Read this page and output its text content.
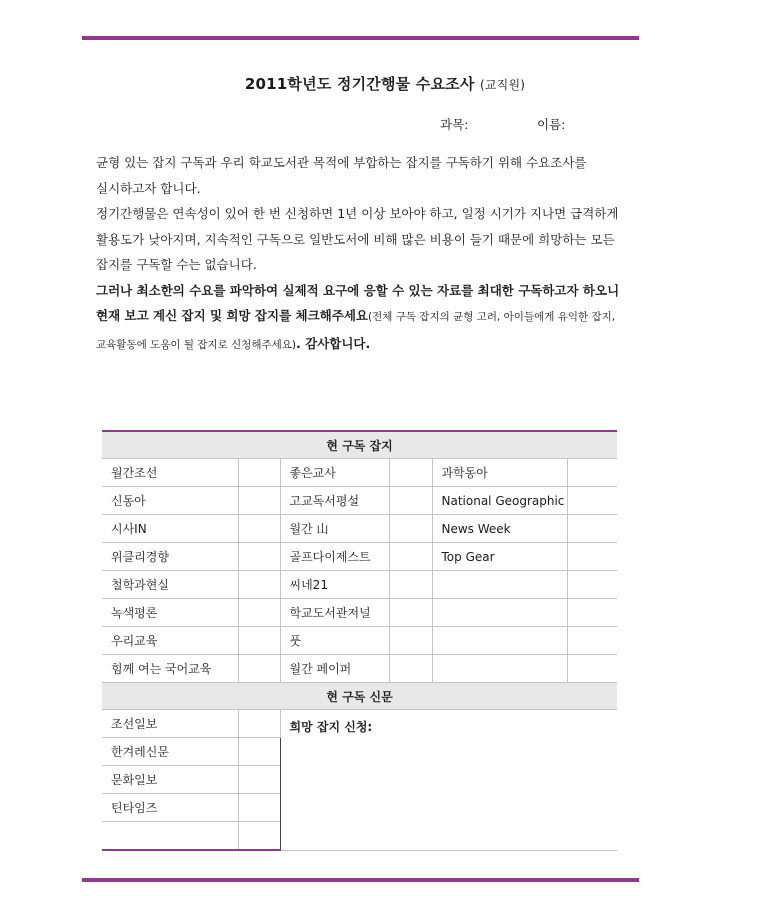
2011학년도 정기간행물 수요조사 (교직원)
과목:	이름:

균형 있는 잡지 구독과 우리 학교도서관 목적에 부합하는 잡지를 구독하기 위해 수요조사를 실시하고자 합니다.

정기간행물은 연속성이 있어 한 번 신청하면 1년 이상 보아야 하고, 일정 시기가 지나면 급격하게 활용도가 낮아지며, 지속적인 구독으로 일반도서에 비해 많은 비용이 들기 때문에 희망하는 모든 잡지를 구독할 수는 없습니다.

그러나 최소한의 수요를 파악하여 실제적 요구에 응할 수 있는 자료를 최대한 구독하고자 하오니 현재 보고 계신 잡지 및 희망 잡지를 체크해주세요(전체 구독 잡지의 균형 고려, 아이들에게 유익한 잡지, 교육활동에 도움이 될 잡지로 신청해주세요). 감사합니다.

현 구독 잡지					
월간조선		좋은교사		과학동아	
신동아		고교독서평설		National Geographic	
시사IN		월간 山		News Week	
위클리경향		골프다이제스트		Top Gear	
철학과현실		씨네21			
녹색평론		학교도서관저널			
우리교육		풋			
힘께 여는 국어교육		월간 페이퍼			
현 구독 신문					
조선일보		희망 잡지 신청:			
한겨레신문					
문화일보					
틴타임즈					
